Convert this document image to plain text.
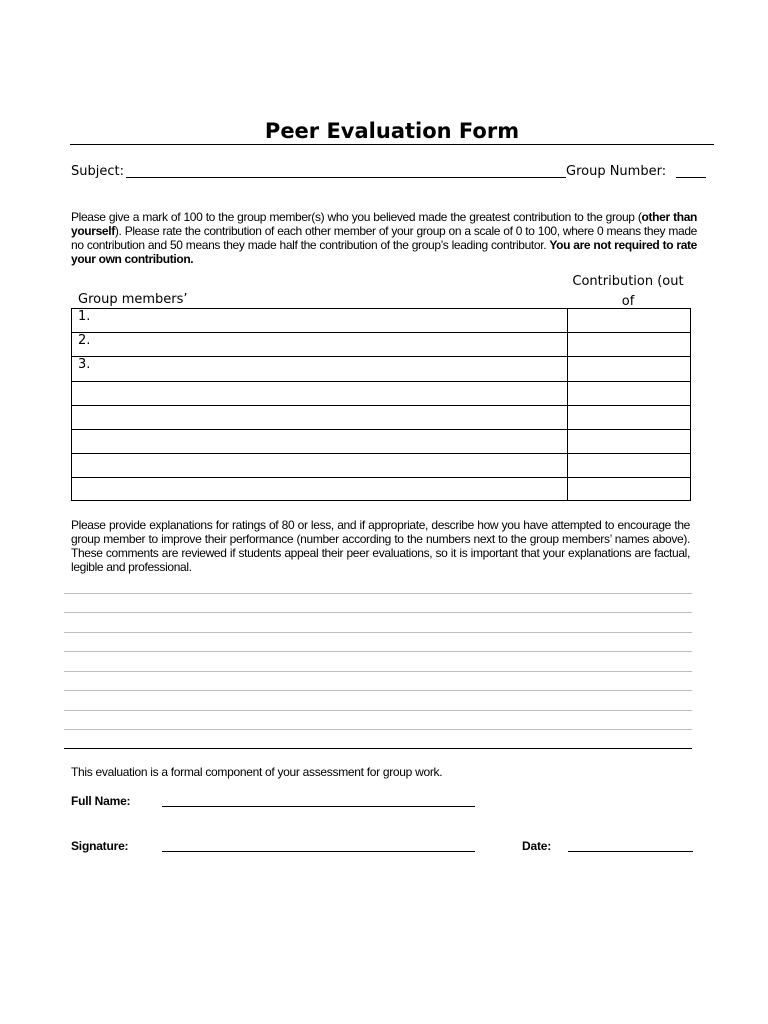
Peer Evaluation Form
Subject:	Group Number:
Please give a mark of 100 to the group member(s) who you believed made the greatest contribution to the group (other than yourself). Please rate the contribution of each other member of your group on a scale of 0 to 100, where 0 means they made no contribution and 50 means they made half the contribution of the group’s leading contributor. You are not required to rate your own contribution.
Group members’
Contribution (out of
1.
2.
3.
Please provide explanations for ratings of 80 or less, and if appropriate, describe how you have attempted to encourage the group member to improve their performance (number according to the numbers next to the group members’ names above). These comments are reviewed if students appeal their peer evaluations, so it is important that your explanations are factual, legible and professional.
This evaluation is a formal component of your assessment for group work.
Full Name:
Signature:	Date:
